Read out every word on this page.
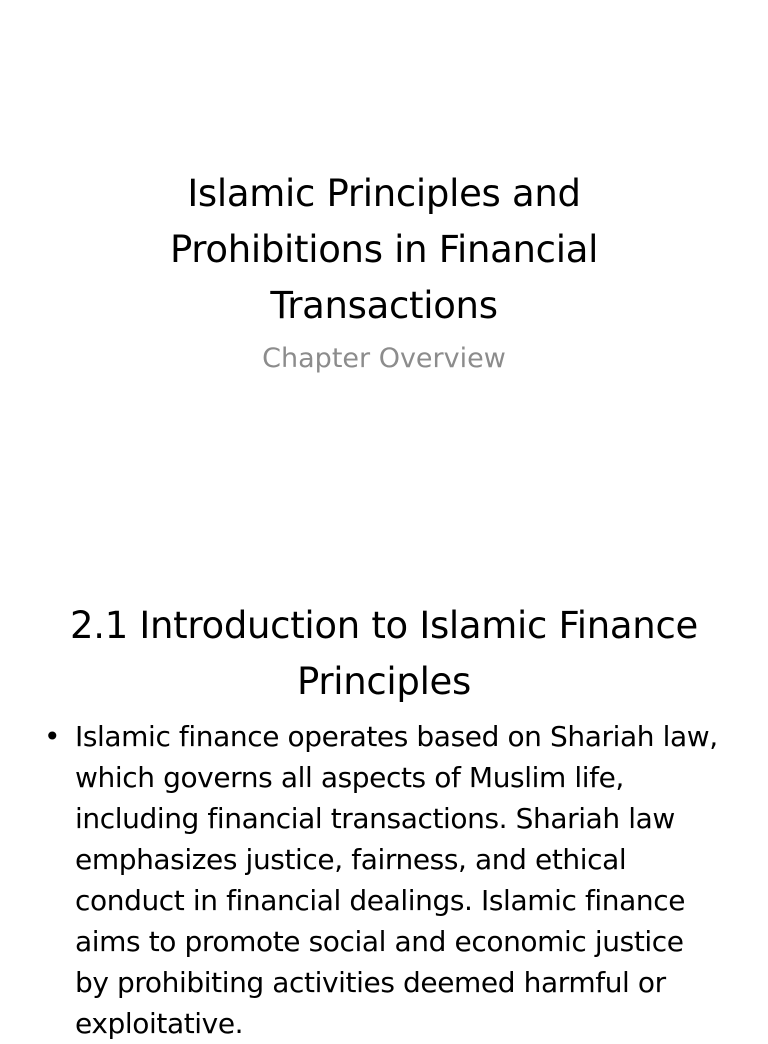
Islamic Principles and
Prohibitions in Financial
Transactions

Chapter Overview

2.1 Introduction to Islamic Finance
Principles
• Islamic finance operates based on Shariah law,
which governs all aspects of Muslim life,
including financial transactions. Shariah law
emphasizes justice, fairness, and ethical
conduct in financial dealings. Islamic finance
aims to promote social and economic justice
by prohibiting activities deemed harmful or
exploitative.
